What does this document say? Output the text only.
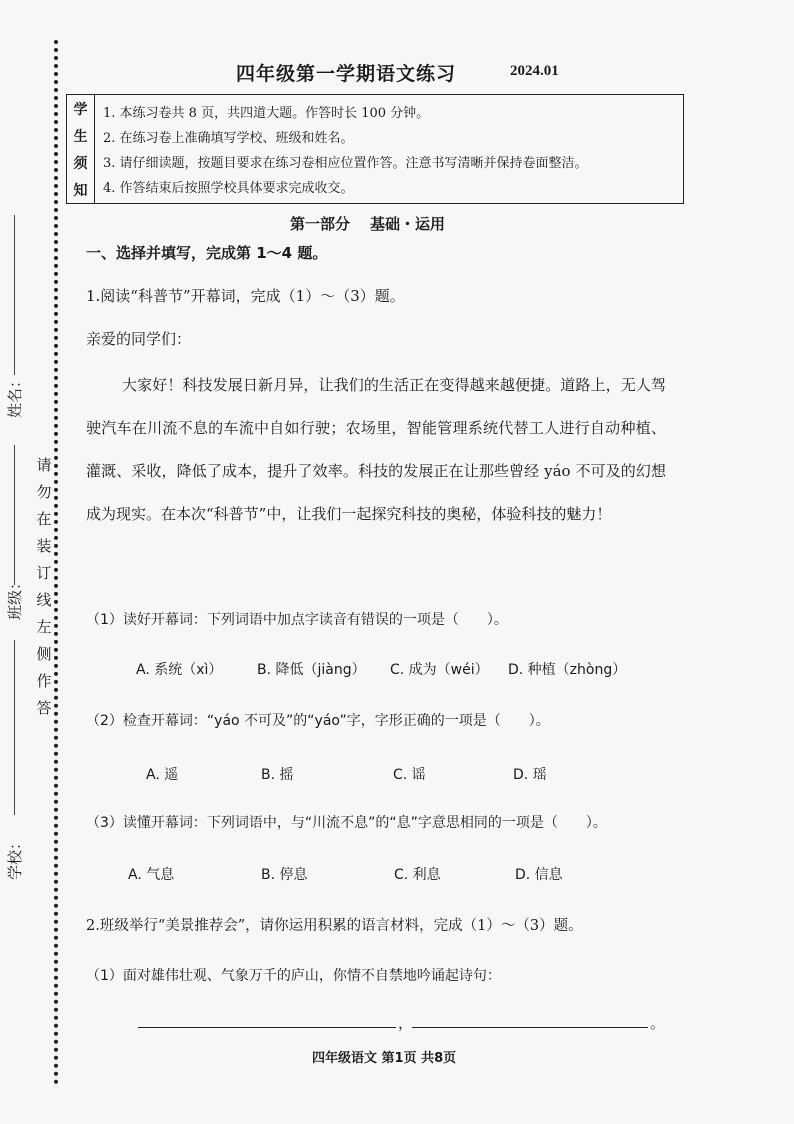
姓名：
班级：
学校：
请
勿
在
装
订
线
左
侧
作
答
四年级第一学期语文练习	2024.01
学
生
须
知
1. 本练习卷共 8 页，共四道大题。作答时长 100 分钟。
2. 在练习卷上准确填写学校、班级和姓名。
3. 请仔细读题，按题目要求在练习卷相应位置作答。注意书写清晰并保持卷面整洁。
4. 作答结束后按照学校具体要求完成收交。
第一部分 基础・运用
一、选择并填写，完成第 1～4 题。
1.阅读“科普节”开幕词，完成（1）～（3）题。
亲爱的同学们：
大家好！科技发展日新月异，让我们的生活正在变得越来越便捷。道路上，无人驾驶汽车在川流不息的车流中自如行驶；农场里，智能管理系统代替工人进行自动种植、灌溉、采收，降低了成本，提升了效率。科技的发展正在让那些曾经 yáo 不可及的幻想成为现实。在本次“科普节”中，让我们一起探究科技的奥秘，体验科技的魅力！
（1）读好开幕词：下列词语中加点字读音有错误的一项是（　　）。
A. 系统（xì） B. 降低（jiàng） C. 成为（wéi） D. 种植（zhòng）
（2）检查开幕词：“yáo 不可及”的“yáo”字，字形正确的一项是（　　）。
A. 遥	B. 摇	C. 谣	D. 瑶
（3）读懂开幕词：下列词语中，与“川流不息”的“息”字意思相同的一项是（　　）。
A. 气息	B. 停息	C. 利息	D. 信息
2.班级举行“美景推荐会”，请你运用积累的语言材料，完成（1）～（3）题。
（1）面对雄伟壮观、气象万千的庐山，你情不自禁地吟诵起诗句：
，	。
四年级语文 第1页 共8页
